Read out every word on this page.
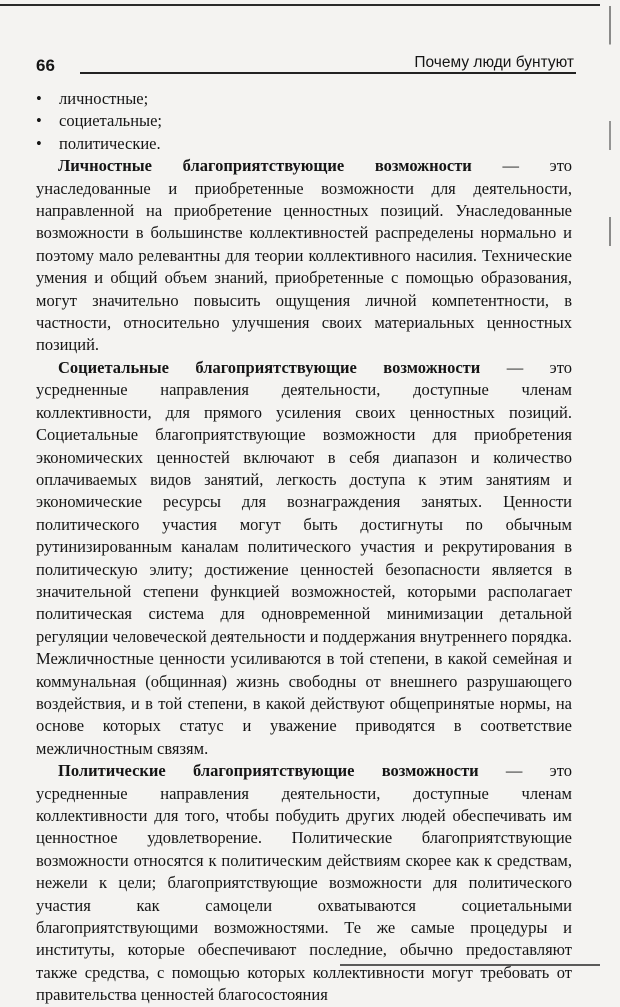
66	Почему люди бунтуют
•	личностные;
•	социетальные;
•	политические.

Личностные благоприятствующие возможности — это унаследованные и приобретенные возможности для деятельности, направленной на приобретение ценностных позиций. Унаследованные возможности в большинстве коллективностей распределены нормально и поэтому мало релевантны для теории коллективного насилия. Технические умения и общий объем знаний, приобретенные с помощью образования, могут значительно повысить ощущения личной компетентности, в частности, относительно улучшения своих материальных ценностных позиций.

Социетальные благоприятствующие возможности — это усредненные направления деятельности, доступные членам коллективности, для прямого усиления своих ценностных позиций. Социетальные благоприятствующие возможности для приобретения экономических ценностей включают в себя диапазон и количество оплачиваемых видов занятий, легкость доступа к этим занятиям и экономические ресурсы для вознаграждения занятых. Ценности политического участия могут быть достигнуты по обычным рутинизированным каналам политического участия и рекрутирования в политическую элиту; достижение ценностей безопасности является в значительной степени функцией возможностей, которыми располагает политическая система для одновременной минимизации детальной регуляции человеческой деятельности и поддержания внутреннего порядка. Межличностные ценности усиливаются в той степени, в какой семейная и коммунальная (общинная) жизнь свободны от внешнего разрушающего воздействия, и в той степени, в какой действуют общепринятые нормы, на основе которых статус и уважение приводятся в соответствие межличностным связям.

Политические благоприятствующие возможности — это усредненные направления деятельности, доступные членам коллективности для того, чтобы побудить других людей обеспечивать им ценностное удовлетворение. Политические благоприятствующие возможности относятся к политическим действиям скорее как к средствам, нежели к цели; благоприятствующие возможности для политического участия как самоцели охватываются социетальными благоприятствующими возможностями. Те же самые процедуры и институты, которые обеспечивают последние, обычно предоставляют также средства, с помощью которых коллективности могут требовать от правительства ценностей благосостояния
